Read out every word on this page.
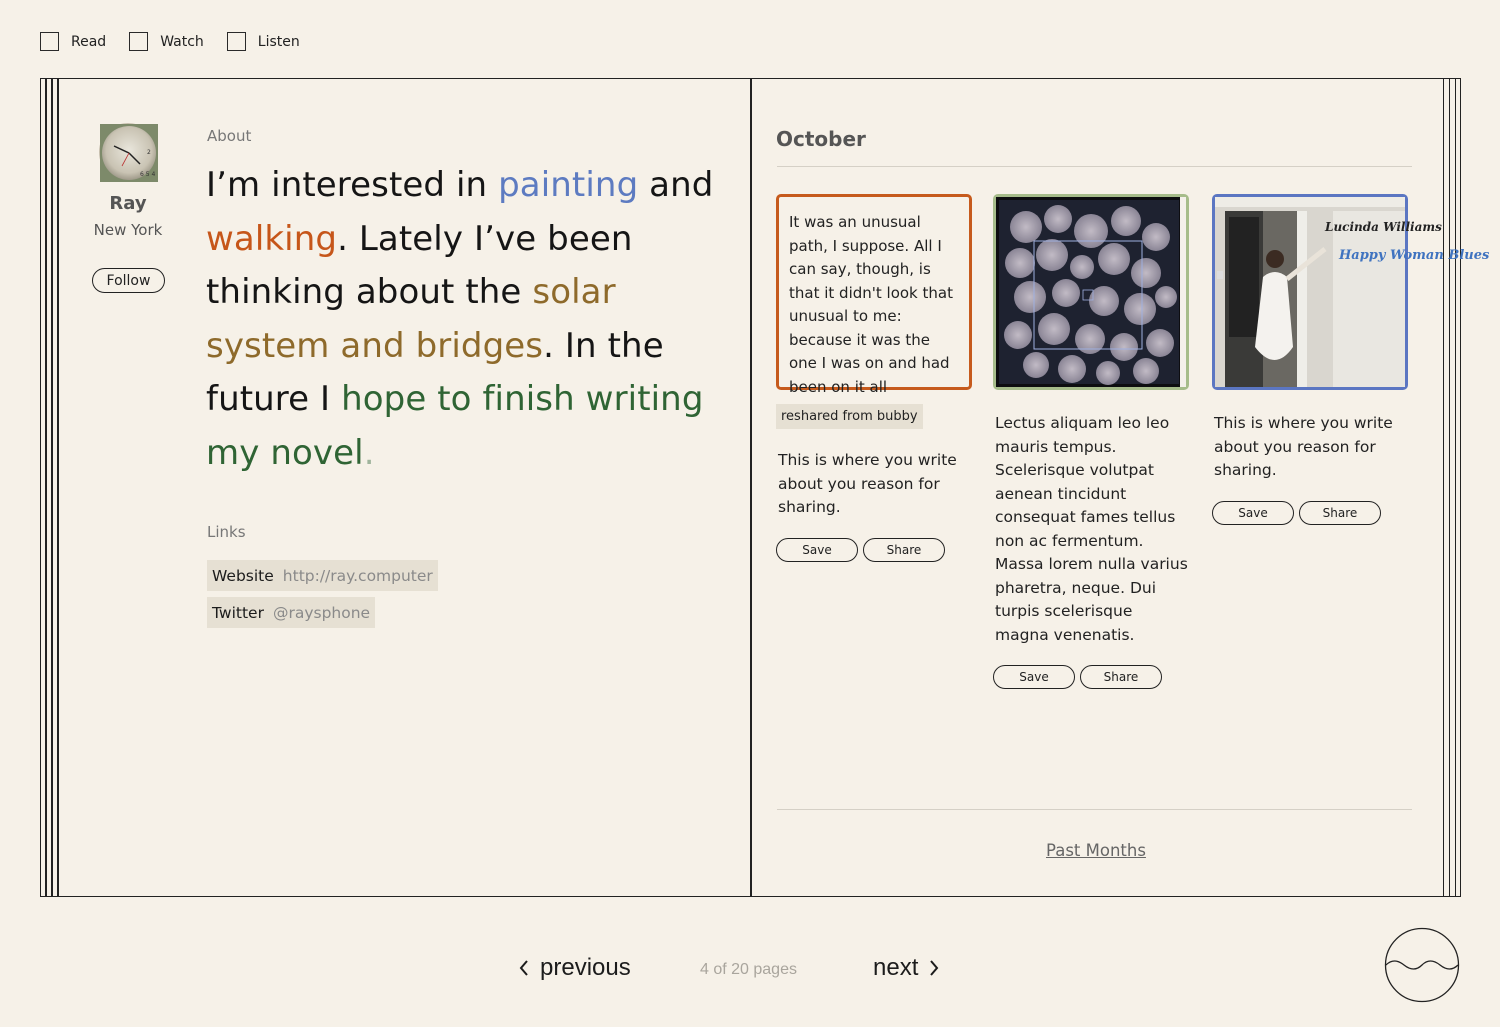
Read	Watch	Listen
6 5 4
2
Ray
New York
Follow
About
I’m interested in painting and walking. Lately I’ve been thinking about the solar system and bridges. In the future I hope to finish writing my novel.
Links
Website http://ray.computer
Twitter @raysphone
October

It was an unusual path, I suppose. All I can say, though, is that it didn't look that unusual to me: because it was the one I was on and had been on it all

reshared from bubby
This is where you write about you reason for sharing.
Save	Share
Lectus aliquam leo leo mauris tempus. Scelerisque volutpat aenean tincidunt consequat fames tellus non ac fermentum. Massa lorem nulla varius pharetra, neque. Dui turpis scelerisque magna venenatis.
Save	Share
Lucinda Williams
Happy Woman Blues
This is where you write about you reason for sharing.
Save	Share
Past Months
previous	4 of 20 pages	next
